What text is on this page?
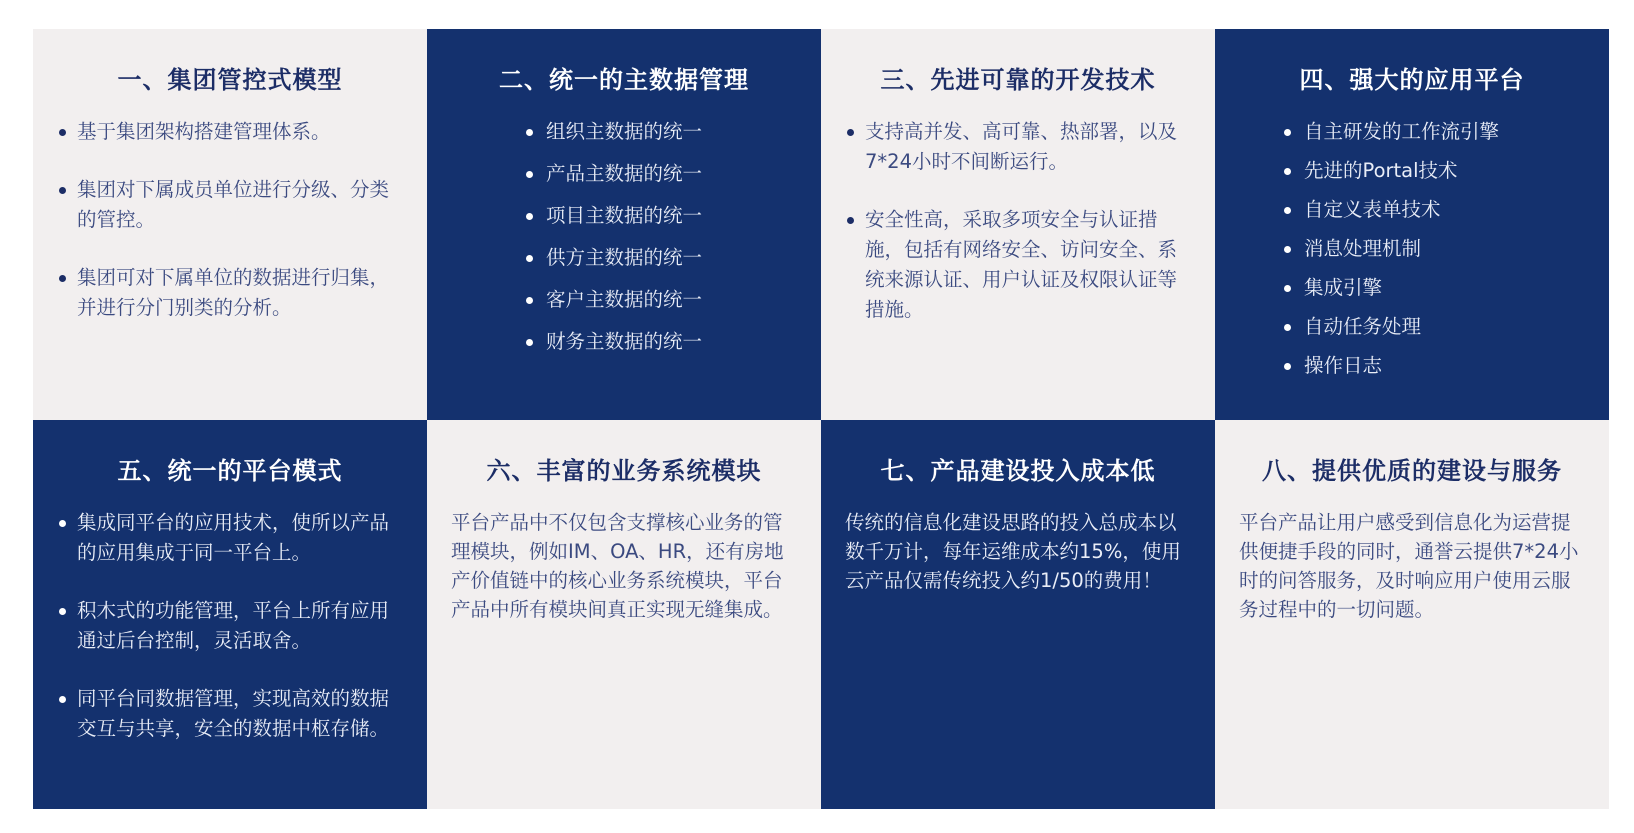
一、集团管控式模型
基于集团架构搭建管理体系。
集团对下属成员单位进行分级、分类的管控。
集团可对下属单位的数据进行归集，并进行分门别类的分析。
二、统一的主数据管理
组织主数据的统一
产品主数据的统一
项目主数据的统一
供方主数据的统一
客户主数据的统一
财务主数据的统一
三、先进可靠的开发技术
支持高并发、高可靠、热部署，以及7*24小时不间断运行。
安全性高，采取多项安全与认证措施，包括有网络安全、访问安全、系统来源认证、用户认证及权限认证等措施。
四、强大的应用平台
自主研发的工作流引擎
先进的Portal技术
自定义表单技术
消息处理机制
集成引擎
自动任务处理
操作日志
五、统一的平台模式
集成同平台的应用技术，使所以产品的应用集成于同一平台上。
积木式的功能管理，平台上所有应用通过后台控制，灵活取舍。
同平台同数据管理，实现高效的数据交互与共享，安全的数据中枢存储。
六、丰富的业务系统模块

平台产品中不仅包含支撑核心业务的管理模块，例如IM、OA、HR，还有房地产价值链中的核心业务系统模块，平台产品中所有模块间真正实现无缝集成。

七、产品建设投入成本低

传统的信息化建设思路的投入总成本以数千万计，每年运维成本约15%，使用云产品仅需传统投入约1/50的费用！

八、提供优质的建设与服务

平台产品让用户感受到信息化为运营提供便捷手段的同时，通誉云提供7*24小时的问答服务，及时响应用户使用云服务过程中的一切问题。
